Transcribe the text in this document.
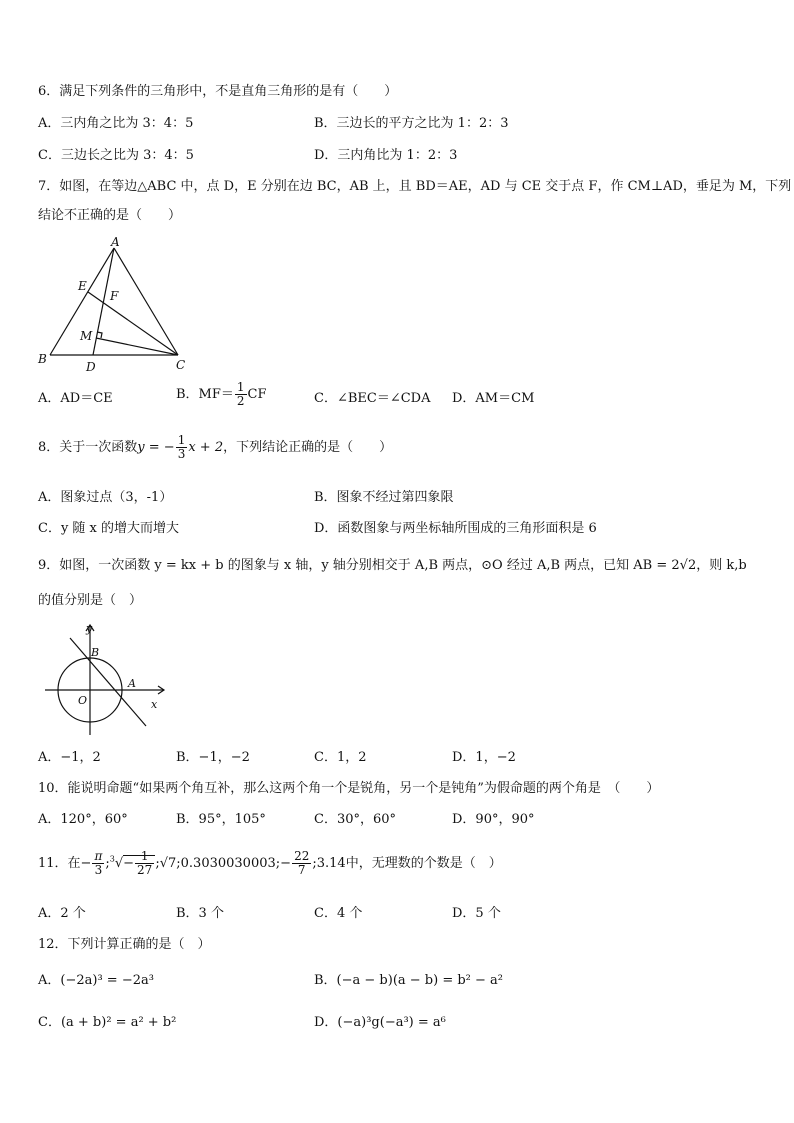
6．满足下列条件的三角形中，不是直角三角形的是有（　　）
A．三内角之比为 3：4：5	B．三边长的平方之比为 1：2：3
C．三边长之比为 3：4：5	D．三内角比为 1：2：3
7．如图，在等边△ABC 中，点 D，E 分别在边 BC，AB 上，且 BD＝AE，AD 与 CE 交于点 F，作 CM⊥AD，垂足为 M，下列
结论不正确的是（　　）
A
E
F
M
B
D	C
A．AD＝CE	B．$MF= \frac{1}{2}$ CF	C．∠BEC＝∠CDA D．AM＝CM
8．关于一次函数y = − $\frac{1}{3}$ x + 2，下列结论正确的是（　　）
A．图象过点（3，-1）	B．图象不经过第四象限
C．y 随 x 的增大而增大	D．函数图象与两坐标轴所围成的三角形面积是 6
9．如图，一次函数 y = kx + b 的图象与 x 轴，y 轴分别相交于 A,B 两点，⊙O 经过 A,B 两点，已知 AB = 2√2，则 k,b
的值分别是（　）
y
B
A
O	x
A．−1，2	B．−1，−2	C．1，2	D．1，−2
10．能说明命题“如果两个角互补，那么这两个角一个是锐角，另一个是钝角”为假命题的两个角是　（　　）
A．120°，60°	B．95°，105°	C．30°，60°	D．90°，90°
11．在− $\frac{\pi}{3}$ ;$^3$√− $\frac{1}{27}$ ;√7;0.3030030003;− $\frac{22}{7}$ ;3.14中，无理数的个数是（　）
A．2 个	B．3 个	C．4 个	D．5 个
12．下列计算正确的是（　）
A．(−2a)³ = −2a³	B．(−a − b)(a − b) = b² − a²
C．(a + b)² = a² + b²	D．(−a)³g(−a³) = a⁶
